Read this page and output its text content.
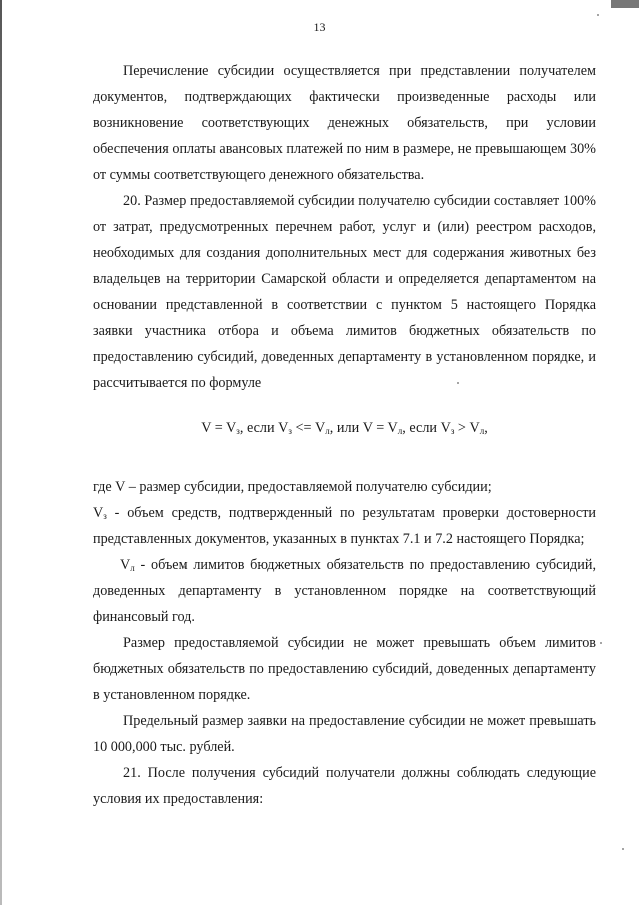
13

Перечисление субсидии осуществляется при представлении получателем документов, подтверждающих фактически произведенные расходы или возникновение соответствующих денежных обязательств, при условии обеспечения оплаты авансовых платежей по ним в размере, не превышающем 30% от суммы соответствующего денежного обязательства.

20. Размер предоставляемой субсидии получателю субсидии составляет 100% от затрат, предусмотренных перечнем работ, услуг и (или) реестром расходов, необходимых для создания дополнительных мест для содержания животных без владельцев на территории Самарской области и определяется департаментом на основании представленной в соответствии с пунктом 5 настоящего Порядка заявки участника отбора и объема лимитов бюджетных обязательств по предоставлению субсидий, доведенных департаменту в установленном порядке, и рассчитывается по формуле

$V = V_з$, если $V_з <= V_л$, или $V = V_л$, если $V_з > V_л$,

где V – размер субсидии, предоставляемой получателю субсидии;

$V_з$ - объем средств, подтвержденный по результатам проверки достоверности представленных документов, указанных в пунктах 7.1 и 7.2 настоящего Порядка;

$V_л$ - объем лимитов бюджетных обязательств по предоставлению субсидий, доведенных департаменту в установленном порядке на соответствующий финансовый год.

Размер предоставляемой субсидии не может превышать объем лимитов бюджетных обязательств по предоставлению субсидий, доведенных департаменту в установленном порядке.

Предельный размер заявки на предоставление субсидии не может превышать 10 000,000 тыс. рублей.

21. После получения субсидий получатели должны соблюдать следующие условия их предоставления:
